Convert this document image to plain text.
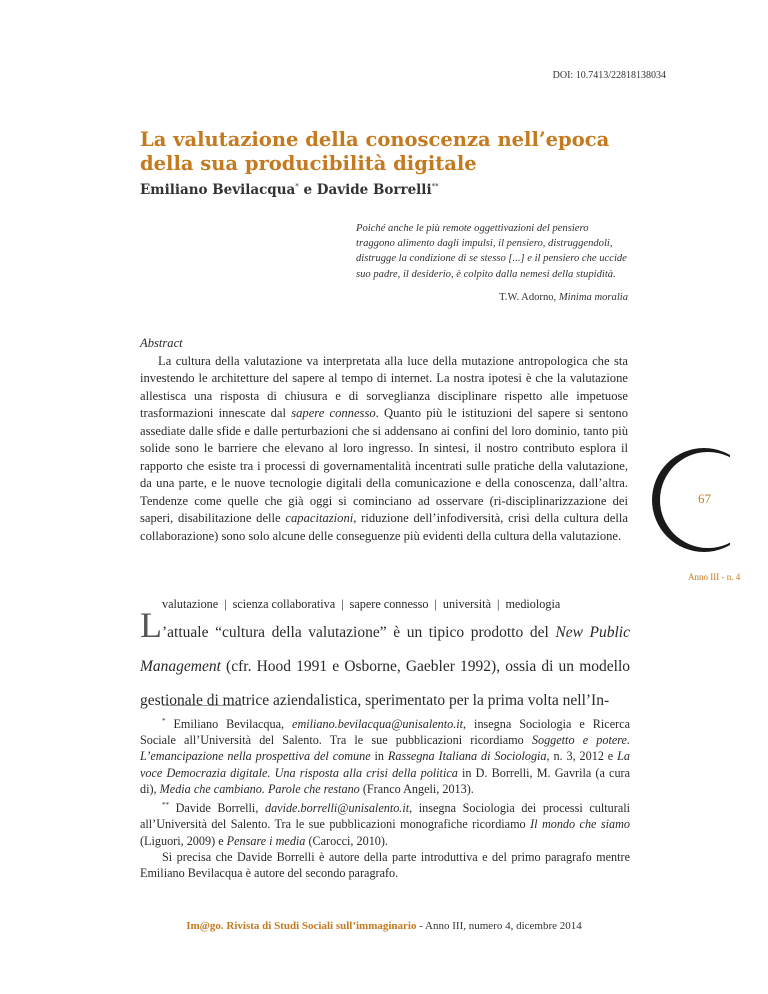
DOI: 10.7413/22818138034
La valutazione della conoscenza nell’epoca della sua producibilità digitale

Emiliano Bevilacqua* e Davide Borrelli**

Poiché anche le più remote oggettivazioni del pensiero traggono alimento dagli impulsi, il pensiero, distruggendoli, distrugge la condizione di se stesso [...] e il pensiero che uccide suo padre, il desiderio, è colpito dalla nemesi della stupidità.
T.W. Adorno, Minima moralia
Abstract

La cultura della valutazione va interpretata alla luce della mutazione antropologica che sta investendo le architetture del sapere al tempo di internet. La nostra ipotesi è che la valutazione allestisca una risposta di chiusura e di sorveglianza disciplinare rispetto alle impetuose trasformazioni innescate dal sapere connesso. Quanto più le istituzioni del sapere si sentono assediate dalle sfide e dalle perturbazioni che si addensano ai confini del loro dominio, tanto più solide sono le barriere che elevano al loro ingresso. In sintesi, il nostro contributo esplora il rapporto che esiste tra i processi di governamentalità incentrati sulle pratiche della valutazione, da una parte, e le nuove tecnologie digitali della comunicazione e della conoscenza, dall’altra. Tendenze come quelle che già oggi si cominciano ad osservare (ri-disciplinarizzazione dei saperi, disabilitazione delle capacitazioni, riduzione dell’infodiversità, crisi della cultura della collaborazione) sono solo alcune delle conseguenze più evidenti della cultura della valutazione.

67
Anno III - n. 4
valutazione | scienza collaborativa | sapere connesso | università | mediologia
L’attuale “cultura della valutazione” è un tipico prodotto del New Public Management (cfr. Hood 1991 e Osborne, Gaebler 1992), ossia di un modello gestionale di matrice aziendalistica, sperimentato per la prima volta nell’In-

* Emiliano Bevilacqua, emiliano.bevilacqua@unisalento.it, insegna Sociologia e Ricerca Sociale all’Università del Salento. Tra le sue pubblicazioni ricordiamo Soggetto e potere. L’emancipazione nella prospettiva del comune in Rassegna Italiana di Sociologia, n. 3, 2012 e La voce Democrazia digitale. Una risposta alla crisi della politica in D. Borrelli, M. Gavrila (a cura di), Media che cambiano. Parole che restano (Franco Angeli, 2013).

** Davide Borrelli, davide.borrelli@unisalento.it, insegna Sociologia dei processi culturali all’Università del Salento. Tra le sue pubblicazioni monografiche ricordiamo Il mondo che siamo (Liguori, 2009) e Pensare i media (Carocci, 2010).

Si precisa che Davide Borrelli è autore della parte introduttiva e del primo paragrafo mentre Emiliano Bevilacqua è autore del secondo paragrafo.

Im@go. Rivista di Studi Sociali sull’immaginario - Anno III, numero 4, dicembre 2014
